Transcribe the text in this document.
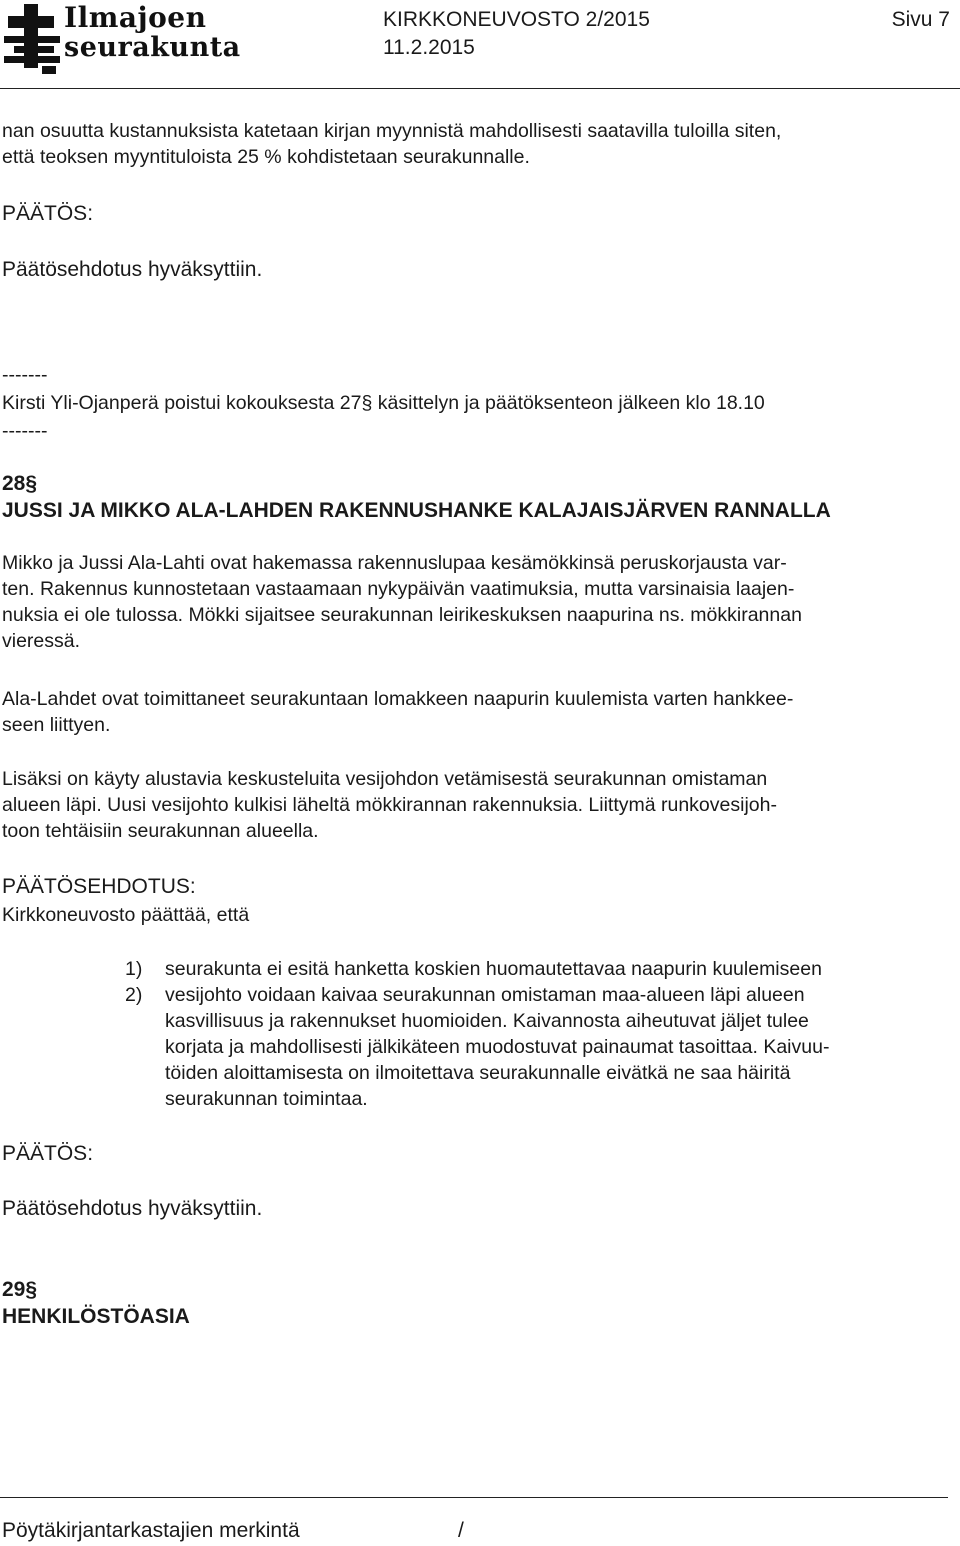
Ilmajoen
seurakunta
KIRKKONEUVOSTO 2/2015
11.2.2015
Sivu 7

nan osuutta kustannuksista katetaan kirjan myynnistä mahdollisesti saatavilla tuloilla siten,

että teoksen myyntituloista 25 % kohdistetaan seurakunnalle.

PÄÄTÖS:
Päätösehdotus hyväksyttiin.
-------
Kirsti Yli-Ojanperä poistui kokouksesta 27§ käsittelyn ja päätöksenteon jälkeen klo 18.10
-------
28§
JUSSI JA MIKKO ALA-LAHDEN RAKENNUSHANKE KALAJAISJÄRVEN RANNALLA

Mikko ja Jussi Ala-Lahti ovat hakemassa rakennuslupaa kesämökkinsä peruskorjausta var-

ten. Rakennus kunnostetaan vastaamaan nykypäivän vaatimuksia, mutta varsinaisia laajen-

nuksia ei ole tulossa. Mökki sijaitsee seurakunnan leirikeskuksen naapurina ns. mökkirannan

vieressä.

Ala-Lahdet ovat toimittaneet seurakuntaan lomakkeen naapurin kuulemista varten hankkee-

seen liittyen.

Lisäksi on käyty alustavia keskusteluita vesijohdon vetämisestä seurakunnan omistaman

alueen läpi. Uusi vesijohto kulkisi läheltä mökkirannan rakennuksia. Liittymä runkovesijoh-

toon tehtäisiin seurakunnan alueella.

PÄÄTÖSEHDOTUS:
Kirkkoneuvosto päättää, että
1)	seurakunta ei esitä hanketta koskien huomautettavaa naapurin kuulemiseen

2)	vesijohto voidaan kaivaa seurakunnan omistaman maa-alueen läpi alueen

kasvillisuus ja rakennukset huomioiden. Kaivannosta aiheutuvat jäljet tulee

korjata ja mahdollisesti jälkikäteen muodostuvat painaumat tasoittaa. Kaivuu-

töiden aloittamisesta on ilmoitettava seurakunnalle eivätkä ne saa häiritä

seurakunnan toimintaa.

PÄÄTÖS:
Päätösehdotus hyväksyttiin.
29§
HENKILÖSTÖASIA
Pöytäkirjantarkastajien merkintä	/
